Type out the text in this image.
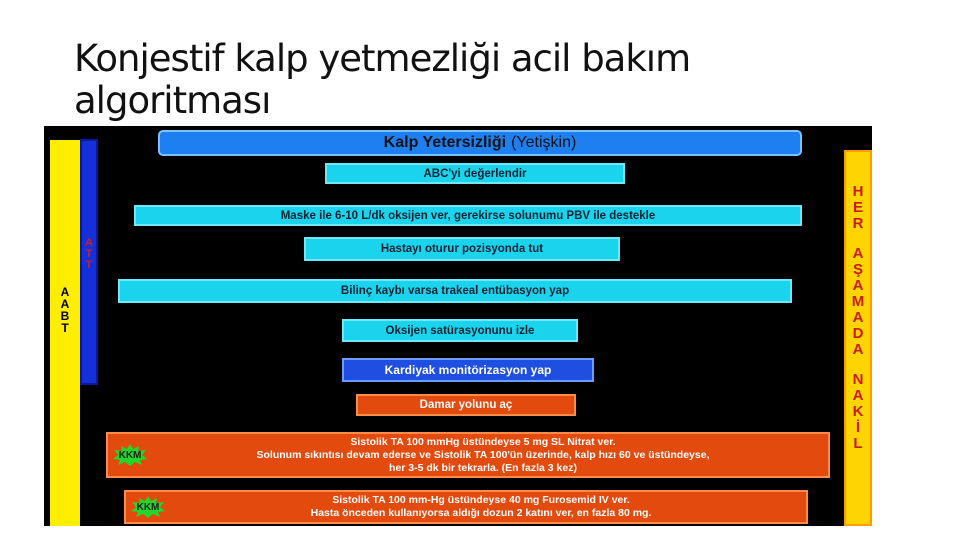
Konjestif kalp yetmezliği acil bakım algoritması
A
A
B
T
A
T
T
H
E
R
A
Ş
A
M
A
D
A
N
A
K
İ
L
Kalp Yetersizliği (Yetişkin)
ABC'yi değerlendir
Maske ile 6-10 L/dk oksijen ver, gerekirse solunumu PBV ile destekle
Hastayı oturur pozisyonda tut
Bilinç kaybı varsa trakeal entübasyon yap
Oksijen satürasyonunu izle
Kardiyak monitörizasyon yap
Damar yolunu aç
Sistolik TA 100 mmHg üstündeyse 5 mg SL Nitrat ver.
Solunum sıkıntısı devam ederse ve Sistolik TA 100'ün üzerinde, kalp hızı 60 ve üstündeyse,
her 3-5 dk bir tekrarla. (En fazla 3 kez)
KKM
Sistolik TA 100 mm-Hg üstündeyse 40 mg Furosemid IV ver.
Hasta önceden kullanıyorsa aldığı dozun 2 katını ver, en fazla 80 mg.
KKM
